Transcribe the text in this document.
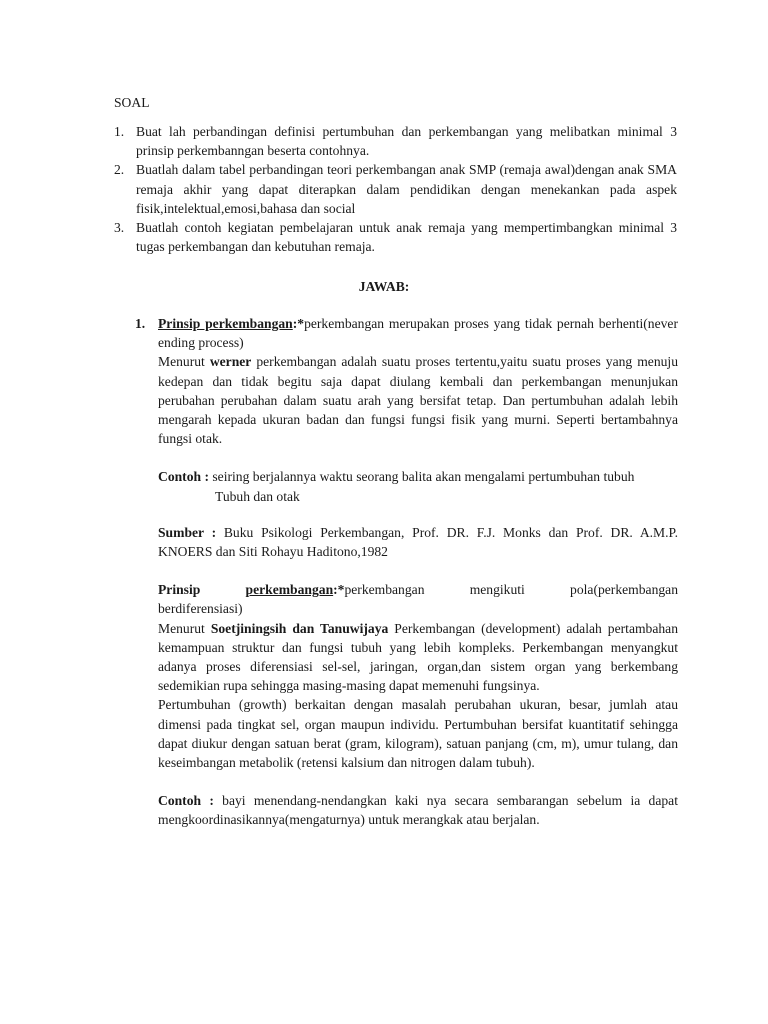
SOAL
1. Buat lah perbandingan definisi pertumbuhan dan perkembangan yang melibatkan minimal 3 prinsip perkembanngan beserta contohnya.
2. Buatlah dalam tabel perbandingan teori perkembangan anak SMP (remaja awal)dengan anak SMA remaja akhir yang dapat diterapkan dalam pendidikan dengan menekankan pada aspek fisik,intelektual,emosi,bahasa dan social
3. Buatlah contoh kegiatan pembelajaran untuk anak remaja yang mempertimbangkan minimal 3 tugas perkembangan dan kebutuhan remaja.
JAWAB:
1. Prinsip perkembangan:*perkembangan merupakan proses yang tidak pernah berhenti(never ending process)

Menurut werner perkembangan adalah suatu proses tertentu,yaitu suatu proses yang menuju kedepan dan tidak begitu saja dapat diulang kembali dan perkembangan menunjukan perubahan perubahan dalam suatu arah yang bersifat tetap. Dan pertumbuhan adalah lebih mengarah kepada ukuran badan dan fungsi fungsi fisik yang murni. Seperti bertambahnya fungsi otak.

Contoh : seiring berjalannya waktu seorang balita akan mengalami pertumbuhan tubuh

Tubuh dan otak

Sumber : Buku Psikologi Perkembangan, Prof. DR. F.J. Monks dan Prof. DR. A.M.P. KNOERS dan Siti Rohayu Haditono,1982

Prinsip	perkembangan:*perkembangan	mengikuti	pola(perkembangan

berdiferensiasi)

Menurut Soetjiningsih dan Tanuwijaya Perkembangan (development) adalah pertambahan kemampuan struktur dan fungsi tubuh yang lebih kompleks. Perkembangan menyangkut adanya proses diferensiasi sel-sel, jaringan, organ,dan sistem organ yang berkembang sedemikian rupa sehingga masing-masing dapat memenuhi fungsinya.

Pertumbuhan (growth) berkaitan dengan masalah perubahan ukuran, besar, jumlah atau dimensi pada tingkat sel, organ maupun individu. Pertumbuhan bersifat kuantitatif sehingga dapat diukur dengan satuan berat (gram, kilogram), satuan panjang (cm, m), umur tulang, dan keseimbangan metabolik (retensi kalsium dan nitrogen dalam tubuh).

Contoh : bayi menendang-nendangkan kaki nya secara sembarangan sebelum ia dapat mengkoordinasikannya(mengaturnya) untuk merangkak atau berjalan.
